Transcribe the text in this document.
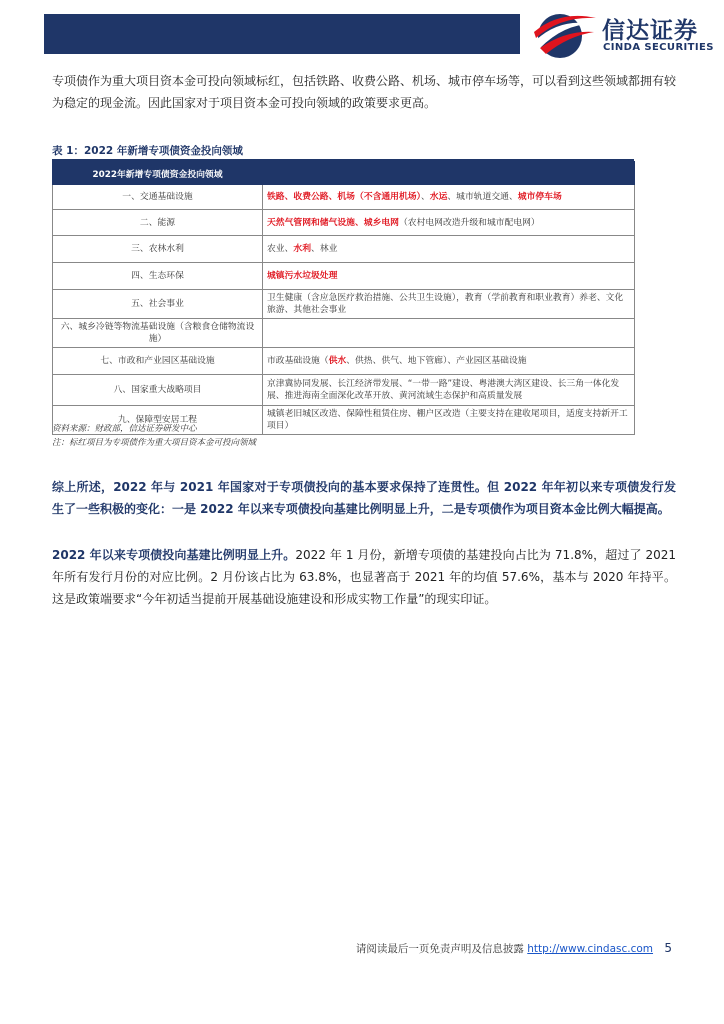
信达证券
CINDA SECURITIES

专项债作为重大项目资本金可投向领域标红，包括铁路、收费公路、机场、城市停车场等，可以看到这些领域都拥有较为稳定的现金流。因此国家对于项目资本金可投向领域的政策要求更高。

表 1：2022 年新增专项债资金投向领域
2022年新增专项债资金投向领域	
一、交通基础设施	铁路、收费公路、机场（不含通用机场）、水运、城市轨道交通、城市停车场
二、能源	天然气管网和储气设施、城乡电网（农村电网改造升级和城市配电网）
三、农林水利	农业、水利、林业
四、生态环保	城镇污水垃圾处理
五、社会事业	卫生健康（含应急医疗救治措施、公共卫生设施），教育（学前教育和职业教育）养老、文化旅游、其他社会事业
六、城乡冷链等物流基础设施（含粮食仓储物流设施）	
七、市政和产业园区基础设施	市政基础设施（供水、供热、供气、地下管廊）、产业园区基础设施
八、国家重大战略项目	京津冀协同发展、长江经济带发展、“一带一路”建设、粤港澳大湾区建设、长三角一体化发展、推进海南全面深化改革开放、黄河流域生态保护和高质量发展
九、保障型安居工程	城镇老旧城区改造、保障性租赁住房、棚户区改造（主要支持在建收尾项目，适度支持新开工项目）
资料来源：财政部，信达证券研发中心
注：标红项目为专项债作为重大项目资本金可投向领域

综上所述，2022 年与 2021 年国家对于专项债投向的基本要求保持了连贯性。但 2022 年年初以来专项债发行发生了一些积极的变化：一是 2022 年以来专项债投向基建比例明显上升，二是专项债作为项目资本金比例大幅提高。

2022 年以来专项债投向基建比例明显上升。2022 年 1 月份，新增专项债的基建投向占比为 71.8%，超过了 2021 年所有发行月份的对应比例。2 月份该占比为 63.8%，也显著高于 2021 年的均值 57.6%，基本与 2020 年持平。这是政策端要求“今年初适当提前开展基础设施建设和形成实物工作量”的现实印证。

请阅读最后一页免责声明及信息披露 http://www.cindasc.com 5
